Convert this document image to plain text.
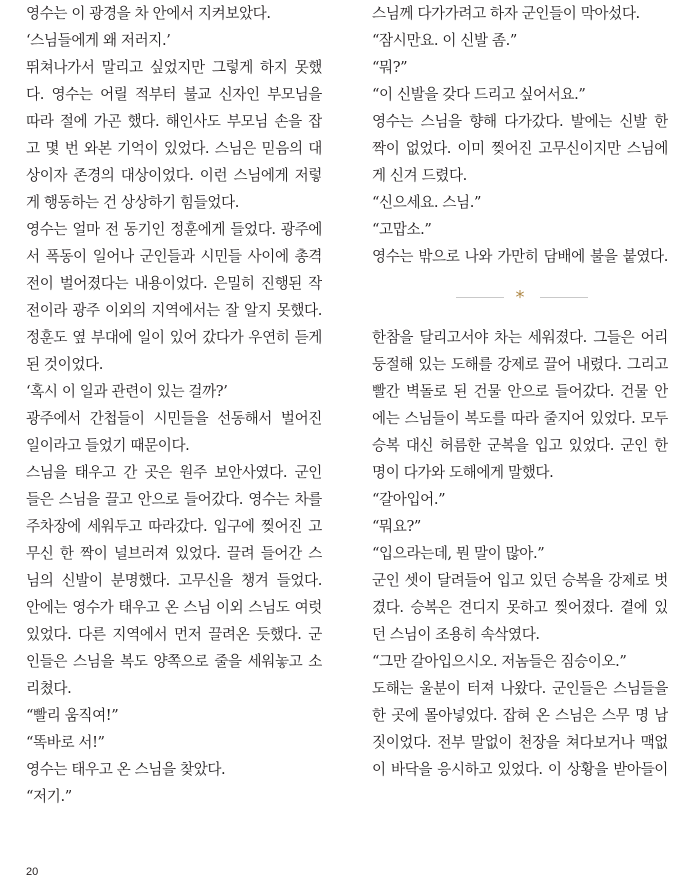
영수는 이 광경을 차 안에서 지켜보았다.
‘스님들에게 왜 저러지.’
뛰쳐나가서 말리고 싶었지만 그렇게 하지 못했
다. 영수는 어릴 적부터 불교 신자인 부모님을
따라 절에 가곤 했다. 해인사도 부모님 손을 잡
고 몇 번 와본 기억이 있었다. 스님은 믿음의 대
상이자 존경의 대상이었다. 이런 스님에게 저렇
게 행동하는 건 상상하기 힘들었다.
영수는 얼마 전 동기인 정훈에게 들었다. 광주에
서 폭동이 일어나 군인들과 시민들 사이에 총격
전이 벌어졌다는 내용이었다. 은밀히 진행된 작
전이라 광주 이외의 지역에서는 잘 알지 못했다.
정훈도 옆 부대에 일이 있어 갔다가 우연히 듣게
된 것이었다.
‘혹시 이 일과 관련이 있는 걸까?’
광주에서 간첩들이 시민들을 선동해서 벌어진
일이라고 들었기 때문이다.
스님을 태우고 간 곳은 원주 보안사였다. 군인
들은 스님을 끌고 안으로 들어갔다. 영수는 차를
주차장에 세워두고 따라갔다. 입구에 찢어진 고
무신 한 짝이 널브러져 있었다. 끌려 들어간 스
님의 신발이 분명했다. 고무신을 챙겨 들었다.
안에는 영수가 태우고 온 스님 이외 스님도 여럿
있었다. 다른 지역에서 먼저 끌려온 듯했다. 군
인들은 스님을 복도 양쪽으로 줄을 세워놓고 소
리쳤다.
“빨리 움직여!”
“똑바로 서!”
영수는 태우고 온 스님을 찾았다.
“저기.”
스님께 다가가려고 하자 군인들이 막아섰다.
“잠시만요. 이 신발 좀.”
“뭐?”
“이 신발을 갖다 드리고 싶어서요.”
영수는 스님을 향해 다가갔다. 발에는 신발 한
짝이 없었다. 이미 찢어진 고무신이지만 스님에
게 신겨 드렸다.
“신으세요. 스님.”
“고맙소.”
영수는 밖으로 나와 가만히 담배에 불을 붙였다.
*
한참을 달리고서야 차는 세워졌다. 그들은 어리
둥절해 있는 도해를 강제로 끌어 내렸다. 그리고
빨간 벽돌로 된 건물 안으로 들어갔다. 건물 안
에는 스님들이 복도를 따라 줄지어 있었다. 모두
승복 대신 허름한 군복을 입고 있었다. 군인 한
명이 다가와 도해에게 말했다.
“갈아입어.”
“뭐요?”
“입으라는데, 뭔 말이 많아.”
군인 셋이 달려들어 입고 있던 승복을 강제로 벗
겼다. 승복은 견디지 못하고 찢어졌다. 곁에 있
던 스님이 조용히 속삭였다.
“그만 갈아입으시오. 저놈들은 짐승이오.”
도해는 울분이 터져 나왔다. 군인들은 스님들을
한 곳에 몰아넣었다. 잡혀 온 스님은 스무 명 남
짓이었다. 전부 말없이 천장을 쳐다보거나 맥없
이 바닥을 응시하고 있었다. 이 상황을 받아들이
20
